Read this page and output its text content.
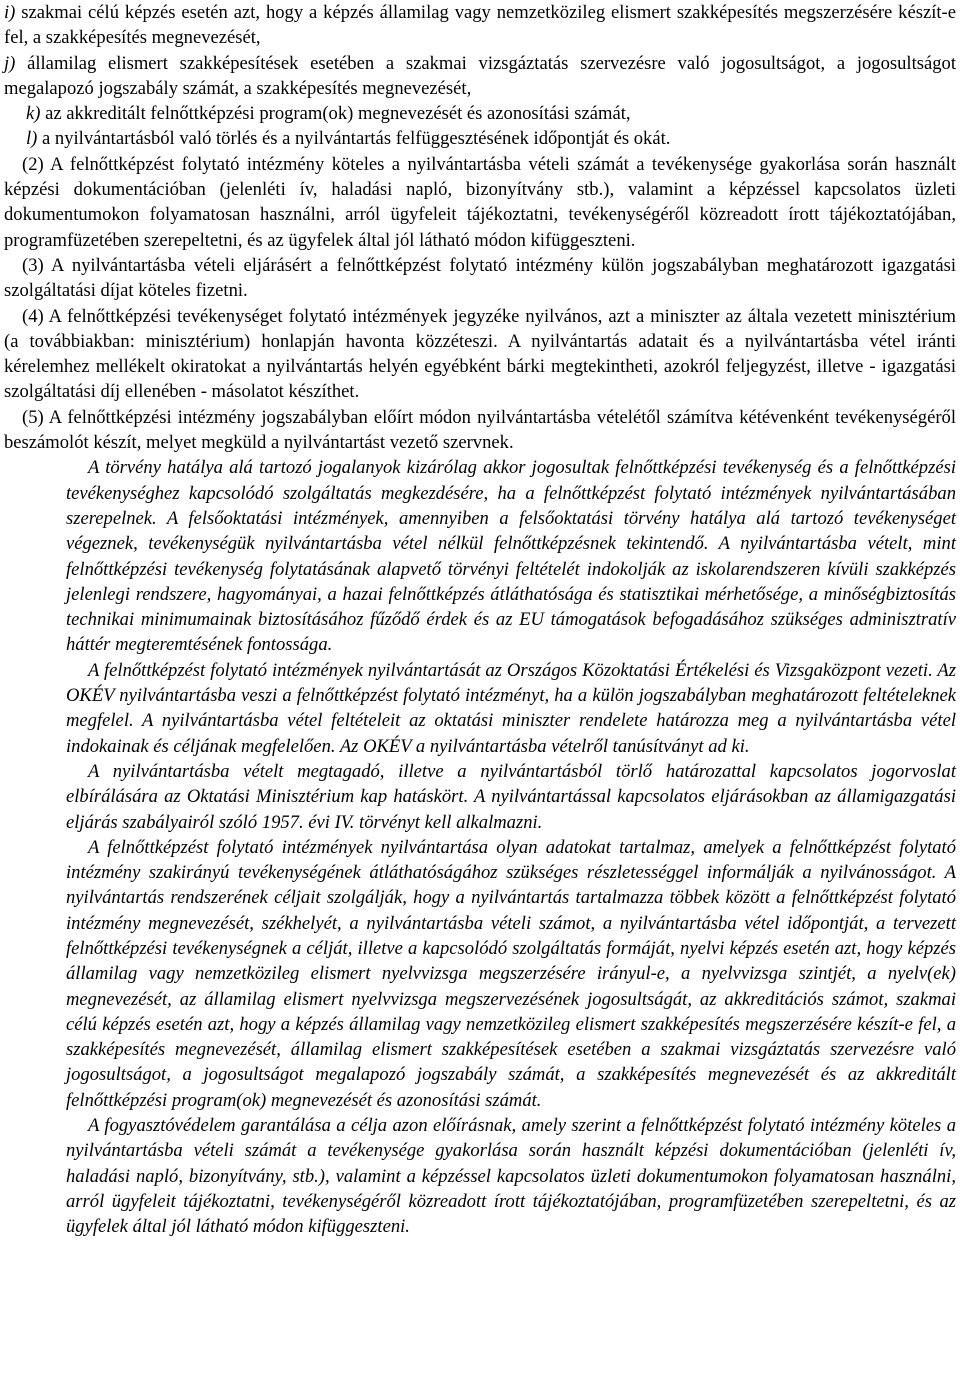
i) szakmai célú képzés esetén azt, hogy a képzés államilag vagy nemzetközileg elismert szakképesítés megszerzésére készít-e fel, a szakképesítés megnevezését,
j) államilag elismert szakképesítések esetében a szakmai vizsgáztatás szervezésre való jogosultságot, a jogosultságot megalapozó jogszabály számát, a szakképesítés megnevezését,
k) az akkreditált felnőttképzési program(ok) megnevezését és azonosítási számát,
l) a nyilvántartásból való törlés és a nyilvántartás felfüggesztésének időpontját és okát.

(2) A felnőttképzést folytató intézmény köteles a nyilvántartásba vételi számát a tevékenysége gyakorlása során használt képzési dokumentációban (jelenléti ív, haladási napló, bizonyítvány stb.), valamint a képzéssel kapcsolatos üzleti dokumentumokon folyamatosan használni, arról ügyfeleit tájékoztatni, tevékenységéről közreadott írott tájékoztatójában, programfüzetében szerepeltetni, és az ügyfelek által jól látható módon kifüggeszteni.

(3) A nyilvántartásba vételi eljárásért a felnőttképzést folytató intézmény külön jogszabályban meghatározott igazgatási szolgáltatási díjat köteles fizetni.

(4) A felnőttképzési tevékenységet folytató intézmények jegyzéke nyilvános, azt a miniszter az általa vezetett minisztérium (a továbbiakban: minisztérium) honlapján havonta közzéteszi. A nyilvántartás adatait és a nyilvántartásba vétel iránti kérelemhez mellékelt okiratokat a nyilvántartás helyén egyébként bárki megtekintheti, azokról feljegyzést, illetve - igazgatási szolgáltatási díj ellenében - másolatot készíthet.

(5) A felnőttképzési intézmény jogszabályban előírt módon nyilvántartásba vételétől számítva kétévenként tevékenységéről beszámolót készít, melyet megküld a nyilvántartást vezető szervnek.

A törvény hatálya alá tartozó jogalanyok kizárólag akkor jogosultak felnőttképzési tevékenység és a felnőttképzési tevékenységhez kapcsolódó szolgáltatás megkezdésére, ha a felnőttképzést folytató intézmények nyilvántartásában szerepelnek. A felsőoktatási intézmények, amennyiben a felsőoktatási törvény hatálya alá tartozó tevékenységet végeznek, tevékenységük nyilvántartásba vétel nélkül felnőttképzésnek tekintendő. A nyilvántartásba vételt, mint felnőttképzési tevékenység folytatásának alapvető törvényi feltételét indokolják az iskolarendszeren kívüli szakképzés jelenlegi rendszere, hagyományai, a hazai felnőttképzés átláthatósága és statisztikai mérhetősége, a minőségbiztosítás technikai minimumainak biztosításához fűződő érdek és az EU támogatások befogadásához szükséges adminisztratív háttér megteremtésének fontossága.

A felnőttképzést folytató intézmények nyilvántartását az Országos Közoktatási Értékelési és Vizsgaközpont vezeti. Az OKÉV nyilvántartásba veszi a felnőttképzést folytató intézményt, ha a külön jogszabályban meghatározott feltételeknek megfelel. A nyilvántartásba vétel feltételeit az oktatási miniszter rendelete határozza meg a nyilvántartásba vétel indokainak és céljának megfelelően. Az OKÉV a nyilvántartásba vételről tanúsítványt ad ki.

A nyilvántartásba vételt megtagadó, illetve a nyilvántartásból törlő határozattal kapcsolatos jogorvoslat elbírálására az Oktatási Minisztérium kap hatáskört. A nyilvántartással kapcsolatos eljárásokban az államigazgatási eljárás szabályairól szóló 1957. évi IV. törvényt kell alkalmazni.

A felnőttképzést folytató intézmények nyilvántartása olyan adatokat tartalmaz, amelyek a felnőttképzést folytató intézmény szakirányú tevékenységének átláthatóságához szükséges részletességgel informálják a nyilvánosságot. A nyilvántartás rendszerének céljait szolgálják, hogy a nyilvántartás tartalmazza többek között a felnőttképzést folytató intézmény megnevezését, székhelyét, a nyilvántartásba vételi számot, a nyilvántartásba vétel időpontját, a tervezett felnőttképzési tevékenységnek a célját, illetve a kapcsolódó szolgáltatás formáját, nyelvi képzés esetén azt, hogy képzés államilag vagy nemzetközileg elismert nyelvvizsga megszerzésére irányul-e, a nyelvvizsga szintjét, a nyelv(ek) megnevezését, az államilag elismert nyelvvizsga megszervezésének jogosultságát, az akkreditációs számot, szakmai célú képzés esetén azt, hogy a képzés államilag vagy nemzetközileg elismert szakképesítés megszerzésére készít-e fel, a szakképesítés megnevezését, államilag elismert szakképesítések esetében a szakmai vizsgáztatás szervezésre való jogosultságot, a jogosultságot megalapozó jogszabály számát, a szakképesítés megnevezését és az akkreditált felnőttképzési program(ok) megnevezését és azonosítási számát.

A fogyasztóvédelem garantálása a célja azon előírásnak, amely szerint a felnőttképzést folytató intézmény köteles a nyilvántartásba vételi számát a tevékenysége gyakorlása során használt képzési dokumentációban (jelenléti ív, haladási napló, bizonyítvány, stb.), valamint a képzéssel kapcsolatos üzleti dokumentumokon folyamatosan használni, arról ügyfeleit tájékoztatni, tevékenységéről közreadott írott tájékoztatójában, programfüzetében szerepeltetni, és az ügyfelek által jól látható módon kifüggeszteni.
